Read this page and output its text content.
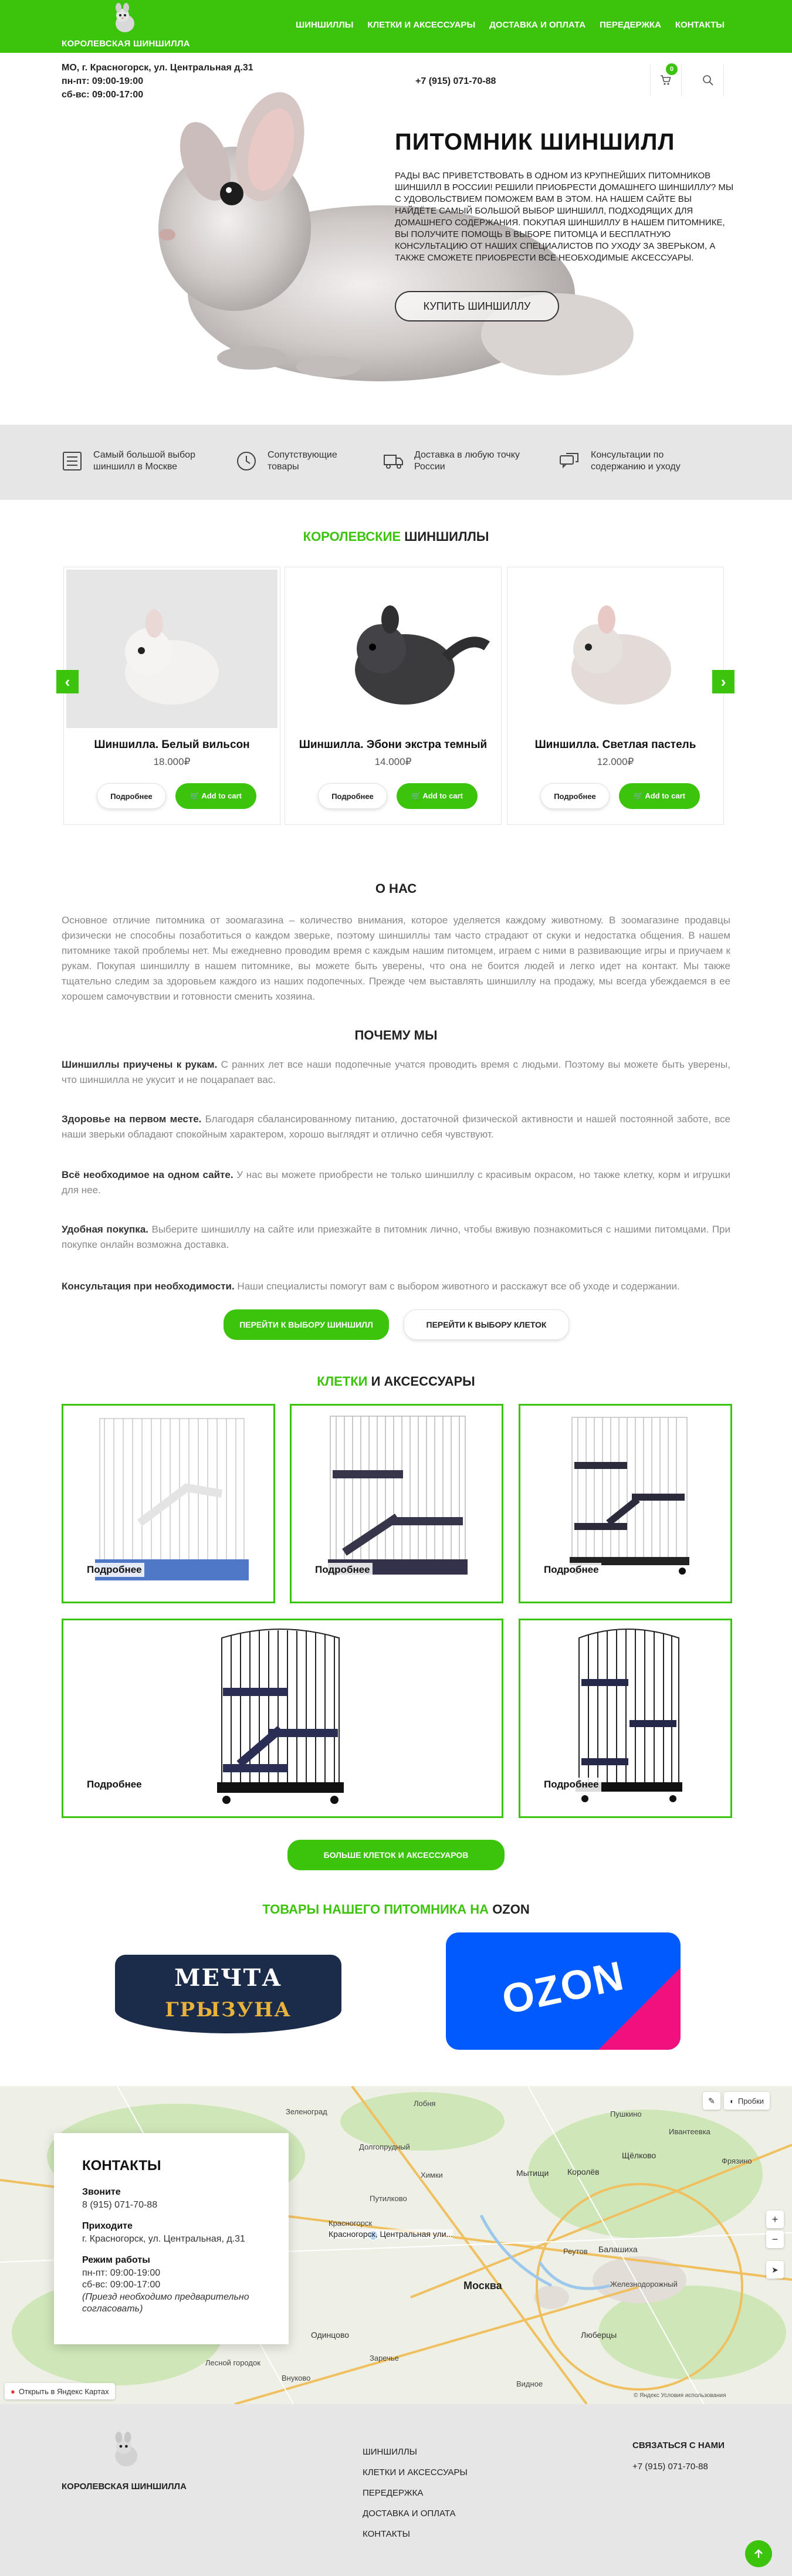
КОРОЛЕВСКАЯ ШИНШИЛЛА
ШИНШИЛЛЫ КЛЕТКИ И АКСЕССУАРЫ ДОСТАВКА И ОПЛАТА ПЕРЕДЕРЖКА КОНТАКТЫ
МО, г. Красногорск, ул. Центральная д.31
пн-пт: 09:00-19:00
сб-вс: 09:00-17:00
+7 (915) 071-70-88
0
ПИТОМНИК ШИНШИЛЛ
РАДЫ ВАС ПРИВЕТСТВОВАТЬ В ОДНОМ ИЗ КРУПНЕЙШИХ ПИТОМНИКОВ ШИНШИЛЛ В РОССИИ! РЕШИЛИ ПРИОБРЕСТИ ДОМАШНЕГО ШИНШИЛЛУ? МЫ С УДОВОЛЬСТВИЕМ ПОМОЖЕМ ВАМ В ЭТОМ. НА НАШЕМ САЙТЕ ВЫ НАЙДЁТЕ САМЫЙ БОЛЬШОЙ ВЫБОР ШИНШИЛЛ, ПОДХОДЯЩИХ ДЛЯ ДОМАШНЕГО СОДЕРЖАНИЯ. ПОКУПАЯ ШИНШИЛЛУ В НАШЕМ ПИТОМНИКЕ, ВЫ ПОЛУЧИТЕ ПОМОЩЬ В ВЫБОРЕ ПИТОМЦА И БЕСПЛАТНУЮ КОНСУЛЬТАЦИЮ ОТ НАШИХ СПЕЦИАЛИСТОВ ПО УХОДУ ЗА ЗВЕРЬКОМ, А ТАКЖЕ СМОЖЕТЕ ПРИОБРЕСТИ ВСЕ НЕОБХОДИМЫЕ АКСЕССУАРЫ.
КУПИТЬ ШИНШИЛЛУ
Самый большой выбор
шиншилл в Москве
Сопутствующие
товары
Доставка в любую точку
России
Консультации по
содержанию и уходу
КОРОЛЕВСКИЕ ШИНШИЛЛЫ
Шиншилла. Белый вильсон
18.000₽
Подробнее	🛒 Add to cart
Шиншилла. Эбони экстра темный
14.000₽
Подробнее	🛒 Add to cart
Шиншилла. Светлая пастель
12.000₽
Подробнее	🛒 Add to cart
‹	›
О НАС
Основное отличие питомника от зоомагазина – количество внимания, которое уделяется каждому животному. В зоомагазине продавцы физически не способны позаботиться о каждом зверьке, поэтому шиншиллы там часто страдают от скуки и недостатка общения. В нашем питомнике такой проблемы нет. Мы ежедневно проводим время с каждым нашим питомцем, играем с ними в развивающие игры и приучаем к рукам. Покупая шиншиллу в нашем питомнике, вы можете быть уверены, что она не боится людей и легко идет на контакт. Мы также тщательно следим за здоровьем каждого из наших подопечных. Прежде чем выставлять шиншиллу на продажу, мы всегда убеждаемся в ее хорошем самочувствии и готовности сменить хозяина.
ПОЧЕМУ МЫ
Шиншиллы приучены к рукам. С ранних лет все наши подопечные учатся проводить время с людьми. Поэтому вы можете быть уверены, что шиншилла не укусит и не поцарапает вас.
Здоровье на первом месте. Благодаря сбалансированному питанию, достаточной физической активности и нашей постоянной заботе, все наши зверьки обладают спокойным характером, хорошо выглядят и отлично себя чувствуют.
Всё необходимое на одном сайте. У нас вы можете приобрести не только шиншиллу с красивым окрасом, но также клетку, корм и игрушки для нее.
Удобная покупка. Выберите шиншиллу на сайте или приезжайте в питомник лично, чтобы вживую познакомиться с нашими питомцами. При покупке онлайн возможна доставка.
Консультация при необходимости. Наши специалисты помогут вам с выбором животного и расскажут все об уходе и содержании.
ПЕРЕЙТИ К ВЫБОРУ ШИНШИЛЛ	ПЕРЕЙТИ К ВЫБОРУ КЛЕТОК
КЛЕТКИ И АКСЕССУАРЫ
Подробнее	Подробнее	Подробнее
Подробнее	Подробнее
БОЛЬШЕ КЛЕТОК И АКСЕССУАРОВ
ТОВАРЫ НАШЕГО ПИТОМНИКА НА OZON
МЕЧТА
ГРЫЗУНА	OZON
Красногорск, Центральная ули...
Зеленоград
Долгопрудный
Химки	Мытищи Королёв
Щёлково
Путилково
Красногорск
Москва
Реутов Балашиха
Одинцово	Люберцы
Железнодорожный
Лобня
Ивантеевка
Пушкино
Фрязино
Внуково
Лесной городок
Заречье
Видное
✎ ◐ Пробки
+
−
➤
● Открыть в Яндекс Картах	© Яндекс Условия использования
КОНТАКТЫ
Звоните
8 (915) 071-70-88
Приходите
г. Красногорск, ул. Центральная, д.31
Режим работы
пн-пт: 09:00-19:00
сб-вс: 09:00-17:00
(Приезд необходимо предварительно согласовать)
КОРОЛЕВСКАЯ ШИНШИЛЛА
ШИНШИЛЛЫ
КЛЕТКИ И АКСЕССУАРЫ
ПЕРЕДЕРЖКА
ДОСТАВКА И ОПЛАТА
КОНТАКТЫ
СВЯЗАТЬСЯ С НАМИ
+7 (915) 071-70-88
